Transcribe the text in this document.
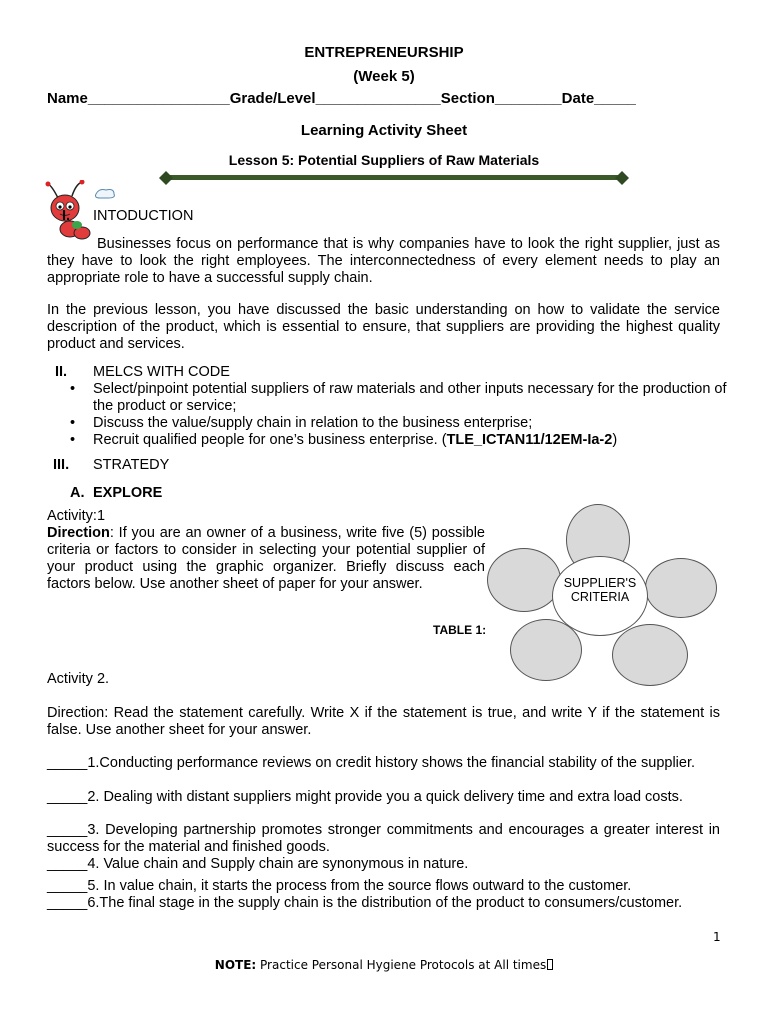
ENTREPRENEURSHIP
(Week 5)
Name_________________Grade/Level_______________Section________Date_____
Learning Activity Sheet
Lesson 5: Potential Suppliers of Raw Materials
I. INTODUCTION
Businesses focus on performance that is why companies have to look the right supplier, just as they have to look the right employees. The interconnectedness of every element needs to play an appropriate role to have a successful supply chain.
In the previous lesson, you have discussed the basic understanding on how to validate the service description of the product, which is essential to ensure, that suppliers are providing the highest quality product and services.
II. MELCS WITH CODE
• Select/pinpoint potential suppliers of raw materials and other inputs necessary for the production of the product or service;
• Discuss the value/supply chain in relation to the business enterprise;
• Recruit qualified people for one’s business enterprise. (TLE_ICTAN11/12EM-Ia-2)
III. STRATEDY
A. EXPLORE
Activity:1
Direction: If you are an owner of a business, write five (5) possible criteria or factors to consider in selecting your potential supplier of your product using the graphic organizer. Briefly discuss each factors below. Use another sheet of paper for your answer.
TABLE 1:
SUPPLIER'S
CRITERIA
Activity 2.
Direction: Read the statement carefully. Write X if the statement is true, and write Y if the statement is false. Use another sheet for your answer.
_____1.Conducting performance reviews on credit history shows the financial stability of the supplier.
_____2. Dealing with distant suppliers might provide you a quick delivery time and extra load costs.
_____3. Developing partnership promotes stronger commitments and encourages a greater interest in success for the material and finished goods.
_____4. Value chain and Supply chain are synonymous in nature.
_____5. In value chain, it starts the process from the source flows outward to the customer.
_____6.The final stage in the supply chain is the distribution of the product to consumers/customer.
1
NOTE: Practice Personal Hygiene Protocols at All times
